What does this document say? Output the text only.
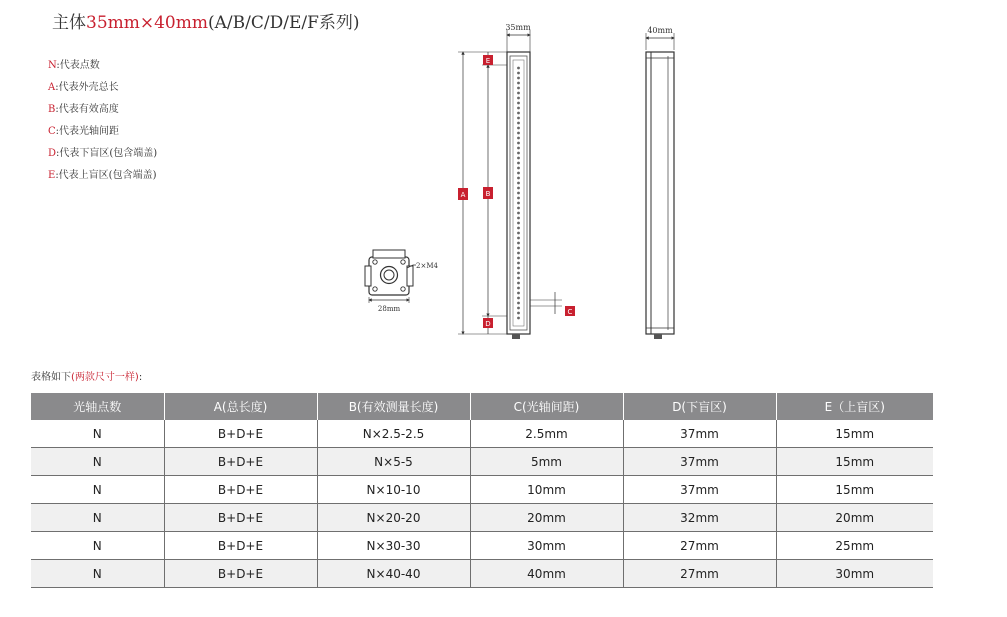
主体35mm×40mm(A/B/C/D/E/F系列)
N:代表点数
A:代表外壳总长
B:代表有效高度
C:代表光轴间距
D:代表下盲区(包含端盖)
E:代表上盲区(包含端盖)
2×M4
28mm
35mm
E
A	B
D
C
40mm
表格如下(两款尺寸一样):
光轴点数	A(总长度)	B(有效测量长度)	C(光轴间距)	D(下盲区)	E（上盲区)
N	B+D+E	N×2.5-2.5	2.5mm	37mm	15mm
N	B+D+E	N×5-5	5mm	37mm	15mm
N	B+D+E	N×10-10	10mm	37mm	15mm
N	B+D+E	N×20-20	20mm	32mm	20mm
N	B+D+E	N×30-30	30mm	27mm	25mm
N	B+D+E	N×40-40	40mm	27mm	30mm
